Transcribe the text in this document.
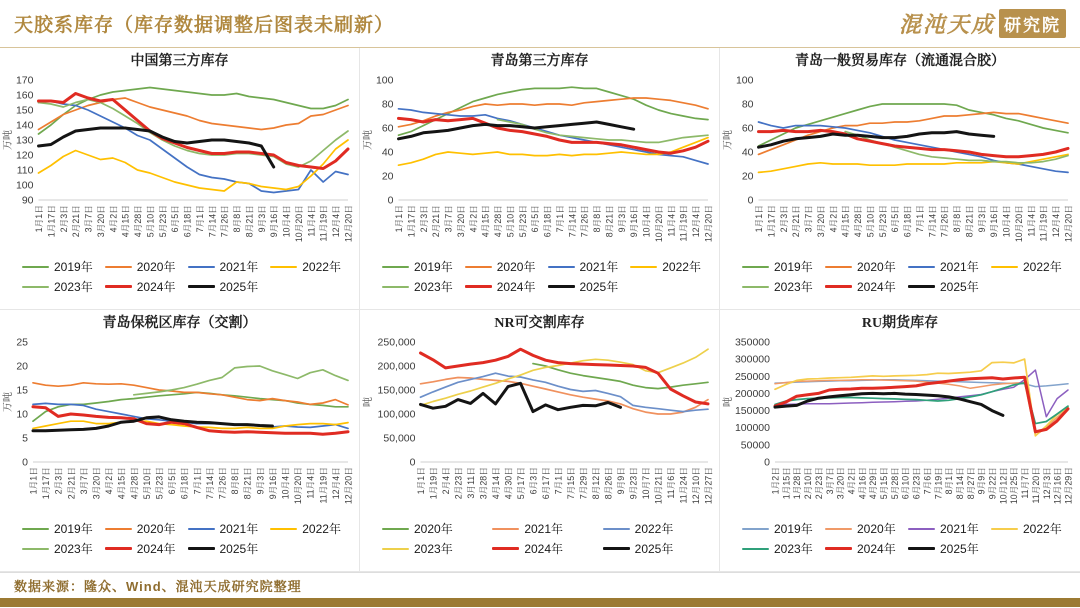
天胶系库存（库存数据调整后图表未刷新）	混沌天成 研究院
中国第三方库存
90
100
110
120
130
140
150
160
170
万吨
1月1日 1月17日 2月3日 2月21日 3月7日 3月20日 4月2日 4月15日 4月28日 5月10日 5月23日 6月5日 6月18日 7月1日 7月14日 7月26日 8月8日 8月21日 9月3日 9月16日 10月4日 10月20日 11月4日 11月19日 12月4日 12月20日
2019年	2020年	2021年	2022年
2023年	2024年	2025年
青岛第三方库存
0
20
40
60
80
100
万吨
1月1日 1月17日 2月3日 2月21日 3月7日 3月20日 4月2日 4月15日 4月28日 5月10日 5月23日 6月5日 6月18日 7月1日 7月14日 7月26日 8月8日 8月21日 9月3日 9月16日 10月4日 10月20日 11月4日 11月19日 12月4日 12月20日
2019年	2020年	2021年	2022年
2023年	2024年	2025年
青岛一般贸易库存（流通混合胶）
0
20
40
60
80
100
万吨
1月1日 1月17日 2月3日 2月21日 3月7日 3月20日 4月2日 4月15日 4月28日 5月10日 5月23日 6月5日 6月18日 7月1日 7月14日 7月26日 8月8日 8月21日 9月3日 9月16日 10月4日 10月20日 11月4日 11月19日 12月4日 12月20日
2019年	2020年	2021年	2022年
2023年	2024年	2025年
青岛保税区库存（交割）
0
5
10
15
20
25
万吨
1月1日 1月17日 2月3日 2月21日 3月7日 3月20日 4月2日 4月15日 4月28日 5月10日 5月23日 6月5日 6月18日 7月1日 7月14日 7月26日 8月8日 8月21日 9月3日 9月16日 10月4日 10月20日 11月4日 11月19日 12月4日 12月20日
2019年	2020年	2021年	2022年
2023年	2024年	2025年
NR可交割库存
0
50,000
100,000
150,000
200,000
250,000
吨
1月1日 1月19日 2月4日 2月23日 3月11日 3月28日 4月14日 4月30日 5月17日 6月3日 6月17日 7月1日 7月15日 7月29日 8月12日 8月26日 9月9日 9月23日 10月7日 10月21日 11月6日 11月24日 12月10日 12月27日
2020年	2021年	2022年
2023年	2024年	2025年
RU期货库存
0
50000
100000
150000
200000
250000
300000
350000
吨
1月2日 1月15日 1月28日 2月10日 2月23日 3月7日 3月20日 4月2日 4月16日 4月29日 5月15日 5月28日 6月10日 6月23日 7月6日 7月19日 8月1日 8月14日 8月27日 9月9日 9月22日 10月12日 10月25日 11月7日 11月20日 12月3日 12月16日 12月29日
2019年	2020年	2021年	2022年
2023年	2024年	2025年
数据来源：隆众、Wind、混沌天成研究院整理
